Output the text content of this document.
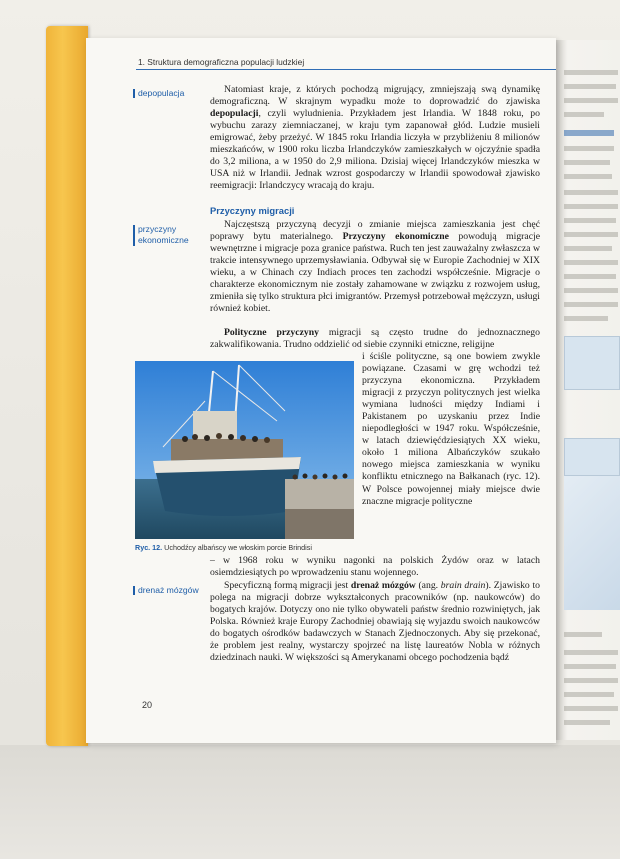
1. Struktura demograficzna populacji ludzkiej
depopulacja
przyczyny
ekonomiczne
drenaż mózgów

Natomiast kraje, z których pochodzą migrujący, zmniejszają swą dynamikę demograficzną. W skrajnym wypadku może to doprowadzić do zjawiska depopulacji, czyli wyludnienia. Przykładem jest Irlandia. W 1848 roku, po wybuchu zarazy ziemniaczanej, w kraju tym zapanował głód. Ludzie musieli emigrować, żeby przeżyć. W 1845 roku Irlandia liczyła w przybliżeniu 8 milionów mieszkańców, w 1900 roku liczba Irlandczyków zamieszkałych w ojczyźnie spadła do 3,2 miliona, a w 1950 do 2,9 miliona. Dzisiaj więcej Irlandczyków mieszka w USA niż w Irlandii. Jednak wzrost gospodarczy w Irlandii spowodował zjawisko reemigracji: Irlandczycy wracają do kraju.

Przyczyny migracji

Najczęstszą przyczyną decyzji o zmianie miejsca zamieszkania jest chęć poprawy bytu materialnego. Przyczyny ekonomiczne powodują migracje wewnętrzne i migracje poza granice państwa. Ruch ten jest zauważalny zwłaszcza w trakcie intensywnego uprzemysławiania. Odbywał się w Europie Zachodniej w XIX wieku, a w Chinach czy Indiach proces ten zachodzi współcześnie. Migracje o charakterze ekonomicznym nie zostały zahamowane w związku z rozwojem usług, zmieniła się tylko struktura płci imigrantów. Przemysł potrzebował mężczyzn, usługi również kobiet.

Polityczne przyczyny migracji są często trudne do jednoznacznego zakwalifikowania. Trudno oddzielić od siebie czynniki etniczne, religijne

i ściśle polityczne, są one bowiem zwykle powiązane. Czasami w grę wchodzi też przyczyna ekonomiczna. Przykładem migracji z przyczyn politycznych jest wielka wymiana ludności między Indiami i Pakistanem po uzyskaniu przez Indie niepodległości w 1947 roku. Współcześnie, w latach dziewięćdziesiątych XX wieku, około 1 miliona Albańczyków szukało nowego miejsca zamieszkania w wyniku konfliktu etnicznego na Bałkanach (ryc. 12). W Polsce powojennej miały miejsce dwie znaczne migracje polityczne

– w 1968 roku w wyniku nagonki na polskich Żydów oraz w latach osiemdziesiątych po wprowadzeniu stanu wojennego.

Ryc. 12. Uchodźcy albańscy we włoskim porcie Brindisi

Specyficzną formą migracji jest drenaż mózgów (ang. brain drain). Zjawisko to polega na migracji dobrze wykształconych pracowników (np. naukowców) do bogatych krajów. Dotyczy ono nie tylko obywateli państw średnio rozwiniętych, jak Polska. Również kraje Europy Zachodniej obawiają się wyjazdu swoich naukowców do bogatych ośrodków badawczych w Stanach Zjednoczonych. Aby się przekonać, że problem jest realny, wystarczy spojrzeć na listę laureatów Nobla w różnych dziedzinach nauki. W większości są Amerykanami obcego pochodzenia bądź

20
